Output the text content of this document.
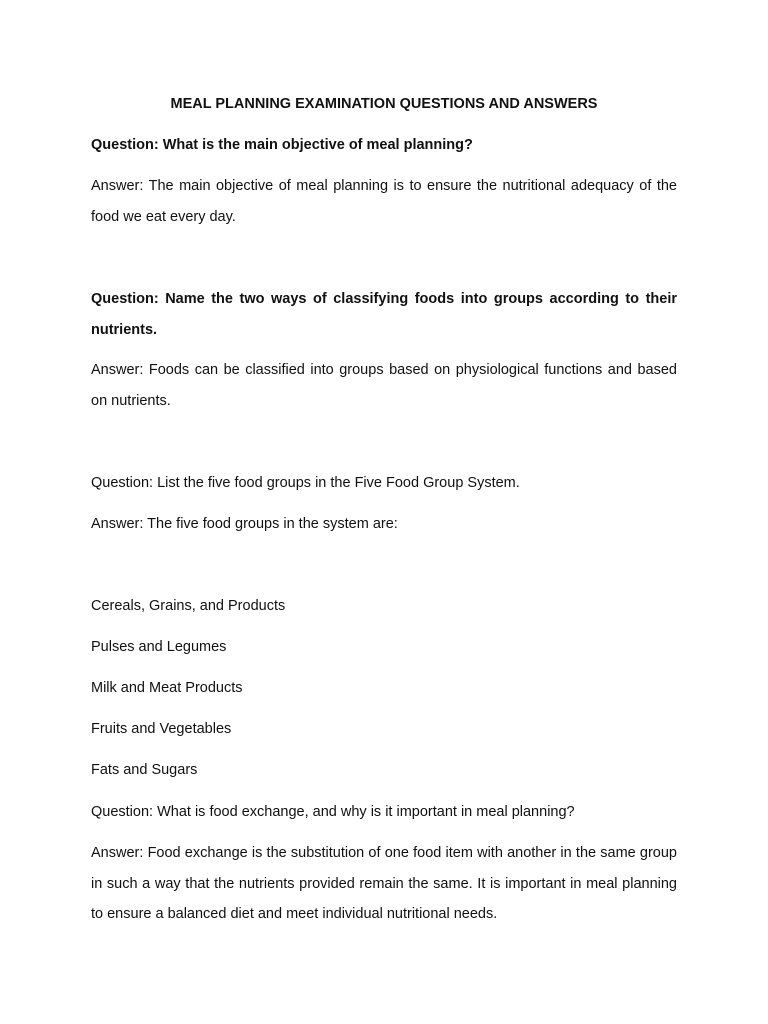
MEAL PLANNING EXAMINATION QUESTIONS AND ANSWERS

Question: What is the main objective of meal planning?

Answer: The main objective of meal planning is to ensure the nutritional adequacy of the food we eat every day.

Question: Name the two ways of classifying foods into groups according to their nutrients.

Answer: Foods can be classified into groups based on physiological functions and based on nutrients.

Question: List the five food groups in the Five Food Group System.

Answer: The five food groups in the system are:

Cereals, Grains, and Products

Pulses and Legumes

Milk and Meat Products

Fruits and Vegetables

Fats and Sugars

Question: What is food exchange, and why is it important in meal planning?

Answer: Food exchange is the substitution of one food item with another in the same group in such a way that the nutrients provided remain the same. It is important in meal planning to ensure a balanced diet and meet individual nutritional needs.
